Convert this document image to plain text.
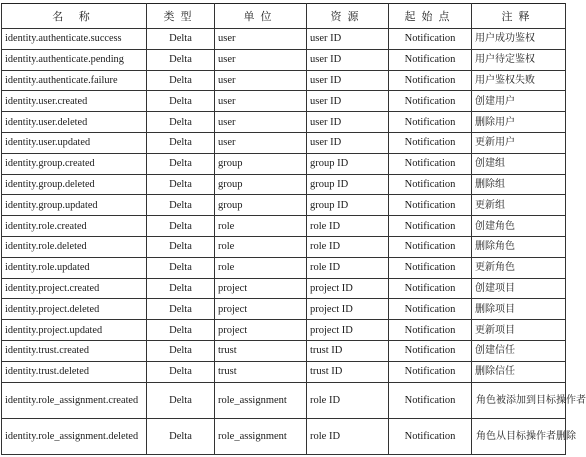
名 称	类型	单位	资源	起始点	注释
identity.authenticate.success	Delta	user	user ID	Notification	用户成功鉴权
identity.authenticate.pending	Delta	user	user ID	Notification	用户待定鉴权
identity.authenticate.failure	Delta	user	user ID	Notification	用户鉴权失败
identity.user.created	Delta	user	user ID	Notification	创建用户
identity.user.deleted	Delta	user	user ID	Notification	删除用户
identity.user.updated	Delta	user	user ID	Notification	更新用户
identity.group.created	Delta	group	group ID	Notification	创建组
identity.group.deleted	Delta	group	group ID	Notification	删除组
identity.group.updated	Delta	group	group ID	Notification	更新组
identity.role.created	Delta	role	role ID	Notification	创建角色
identity.role.deleted	Delta	role	role ID	Notification	删除角色
identity.role.updated	Delta	role	role ID	Notification	更新角色
identity.project.created	Delta	project	project ID	Notification	创建项目
identity.project.deleted	Delta	project	project ID	Notification	删除项目
identity.project.updated	Delta	project	project ID	Notification	更新项目
identity.trust.created	Delta	trust	trust ID	Notification	创建信任
identity.trust.deleted	Delta	trust	trust ID	Notification	删除信任
identity.role_assignment.created	Delta	role_assignment	role ID	Notification	角色被添加到目标操作者
identity.role_assignment.deleted	Delta	role_assignment	role ID	Notification	角色从目标操作者删除
